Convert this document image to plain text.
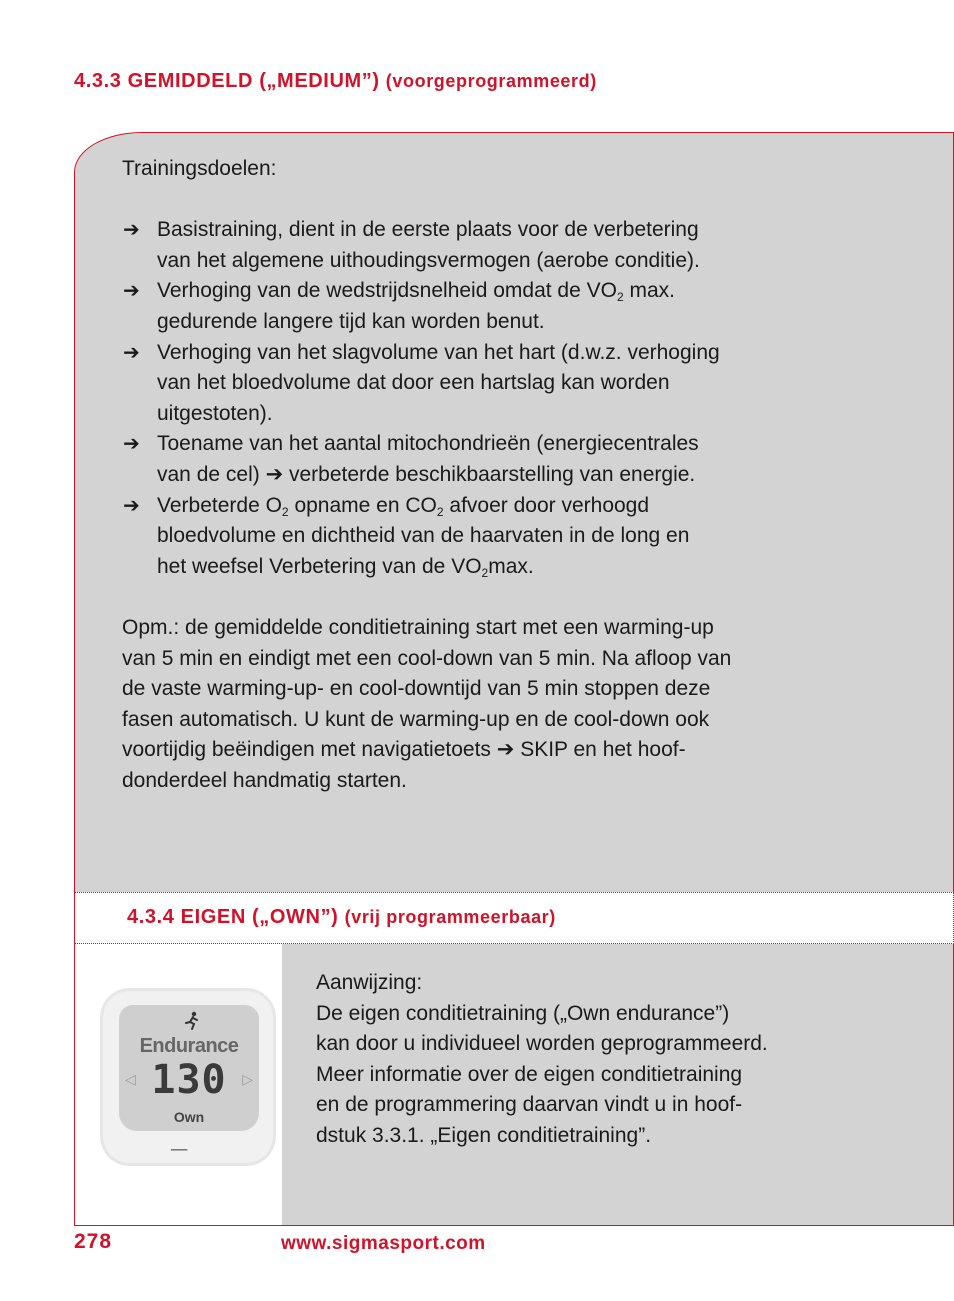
4.3.3 GEMIDDELD („MEDIUM”) (voorgeprogrammeerd)

Trainingsdoelen:

➔ Basistraining, dient in de eerste plaats voor de verbetering
van het algemene uithoudingsvermogen (aerobe conditie).
➔ Verhoging van de wedstrijdsnelheid omdat de $VO_2$ max.
gedurende langere tijd kan worden benut.
➔ Verhoging van het slagvolume van het hart (d.w.z. verhoging
van het bloedvolume dat door een hartslag kan worden
uitgestoten).
➔ Toename van het aantal mitochondrieën (energiecentrales
van de cel) ➔ verbeterde beschikbaarstelling van energie.
➔ Verbeterde $O_2$ opname en $CO_2$ afvoer door verhoogd
bloedvolume en dichtheid van de haarvaten in de long en
het weefsel Verbetering van de $VO_2\max$.

Opm.: de gemiddelde conditietraining start met een warming-up
van 5 min en eindigt met een cool-down van 5 min. Na afloop van
de vaste warming-up- en cool-downtijd van 5 min stoppen deze
fasen automatisch. U kunt de warming-up en de cool-down ook
voortijdig beëindigen met navigatietoets ➔ SKIP en het hoof-
donderdeel handmatig starten.

4.3.4 EIGEN („OWN”) (vrij programmeerbaar)
Endurance
◁ 130	▷
Own
━━━

Aanwijzing:
De eigen conditietraining („Own endurance”)
kan door u individueel worden geprogrammeerd.
Meer informatie over de eigen conditietraining
en de programmering daarvan vindt u in hoof-
dstuk 3.3.1. „Eigen conditietraining”.

278	www.sigmasport.com
